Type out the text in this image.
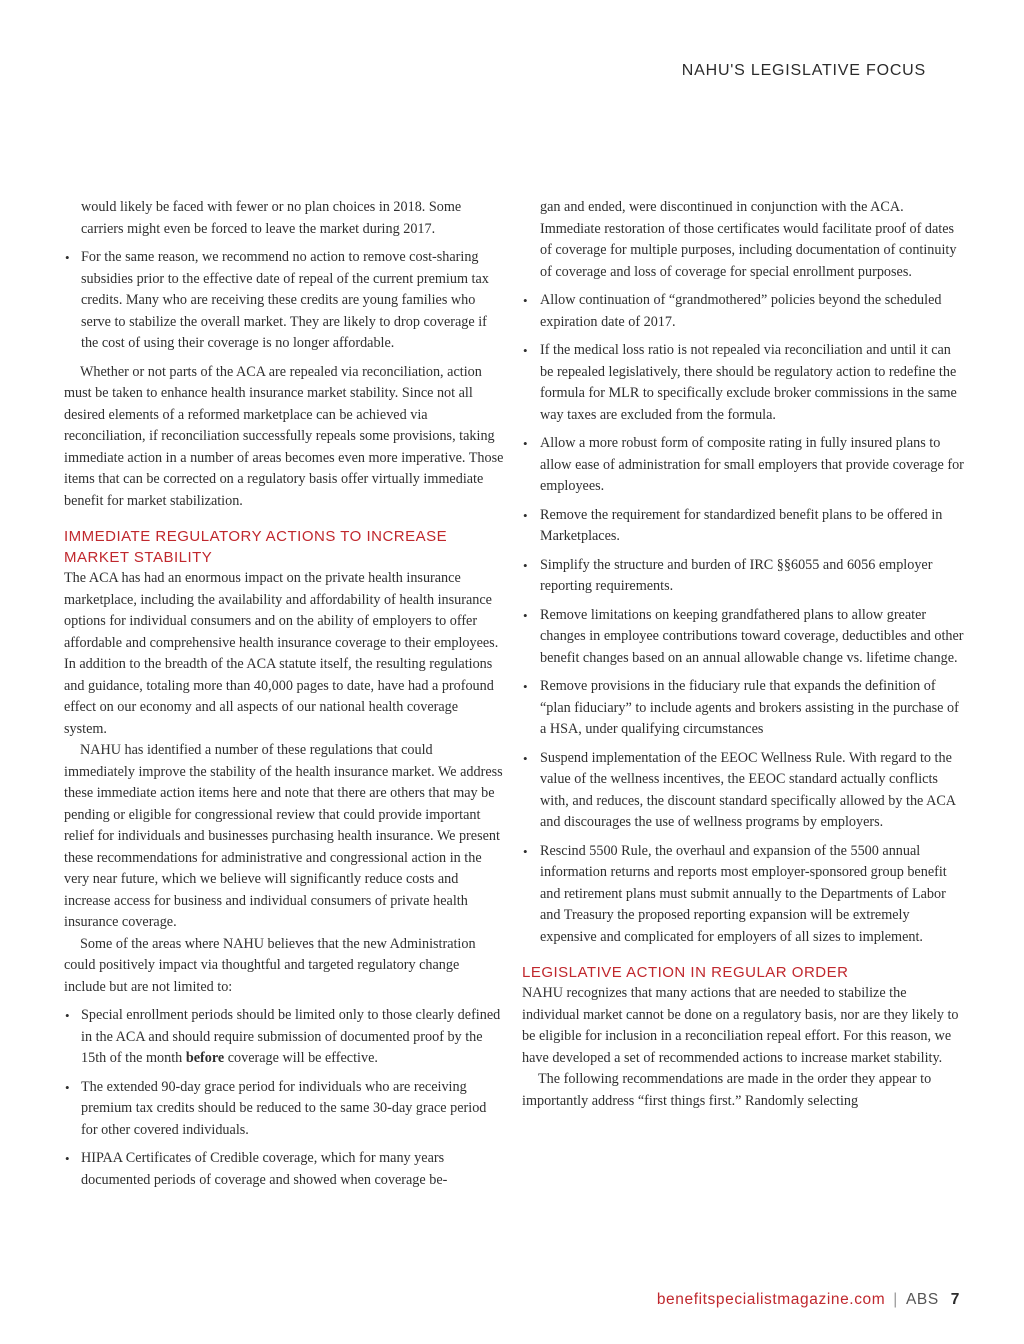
NAHU'S LEGISLATIVE FOCUS

would likely be faced with fewer or no plan choices in 2018. Some carriers might even be forced to leave the market during 2017.

• For the same reason, we recommend no action to remove cost-sharing subsidies prior to the effective date of repeal of the current premium tax credits. Many who are receiving these credits are young families who serve to stabilize the overall market. They are likely to drop coverage if the cost of using their coverage is no longer affordable.

Whether or not parts of the ACA are repealed via reconciliation, action must be taken to enhance health insurance market stability. Since not all desired elements of a reformed marketplace can be achieved via reconciliation, if reconciliation successfully repeals some provisions, taking immediate action in a number of areas becomes even more imperative. Those items that can be corrected on a regulatory basis offer virtually immediate benefit for market stabilization.

IMMEDIATE REGULATORY ACTIONS TO INCREASE MARKET STABILITY

The ACA has had an enormous impact on the private health insurance marketplace, including the availability and affordability of health insurance options for individual consumers and on the ability of employers to offer affordable and comprehensive health insurance coverage to their employees. In addition to the breadth of the ACA statute itself, the resulting regulations and guidance, totaling more than 40,000 pages to date, have had a profound effect on our economy and all aspects of our national health coverage system.

NAHU has identified a number of these regulations that could immediately improve the stability of the health insurance market. We address these immediate action items here and note that there are others that may be pending or eligible for congressional review that could provide important relief for individuals and businesses purchasing health insurance. We present these recommendations for administrative and congressional action in the very near future, which we believe will significantly reduce costs and increase access for business and individual consumers of private health insurance coverage.

Some of the areas where NAHU believes that the new Administration could positively impact via thoughtful and targeted regulatory change include but are not limited to:

• Special enrollment periods should be limited only to those clearly defined in the ACA and should require submission of documented proof by the 15th of the month before coverage will be effective.
• The extended 90-day grace period for individuals who are receiving premium tax credits should be reduced to the same 30-day grace period for other covered individuals.
• HIPAA Certificates of Credible coverage, which for many years documented periods of coverage and showed when coverage be-

gan and ended, were discontinued in conjunction with the ACA. Immediate restoration of those certificates would facilitate proof of dates of coverage for multiple purposes, including documentation of continuity of coverage and loss of coverage for special enrollment purposes.

• Allow continuation of “grandmothered” policies beyond the scheduled expiration date of 2017.
• If the medical loss ratio is not repealed via reconciliation and until it can be repealed legislatively, there should be regulatory action to redefine the formula for MLR to specifically exclude broker commissions in the same way taxes are excluded from the formula.
• Allow a more robust form of composite rating in fully insured plans to allow ease of administration for small employers that provide coverage for employees.
• Remove the requirement for standardized benefit plans to be offered in Marketplaces.
• Simplify the structure and burden of IRC §§6055 and 6056 employer reporting requirements.
• Remove limitations on keeping grandfathered plans to allow greater changes in employee contributions toward coverage, deductibles and other benefit changes based on an annual allowable change vs. lifetime change.
• Remove provisions in the fiduciary rule that expands the definition of “plan fiduciary” to include agents and brokers assisting in the purchase of a HSA, under qualifying circumstances
• Suspend implementation of the EEOC Wellness Rule. With regard to the value of the wellness incentives, the EEOC standard actually conflicts with, and reduces, the discount standard specifically allowed by the ACA and discourages the use of wellness programs by employers.
• Rescind 5500 Rule, the overhaul and expansion of the 5500 annual information returns and reports most employer-sponsored group benefit and retirement plans must submit annually to the Departments of Labor and Treasury the proposed reporting expansion will be extremely expensive and complicated for employers of all sizes to implement.
LEGISLATIVE ACTION IN REGULAR ORDER

NAHU recognizes that many actions that are needed to stabilize the individual market cannot be done on a regulatory basis, nor are they likely to be eligible for inclusion in a reconciliation repeal effort. For this reason, we have developed a set of recommended actions to increase market stability.

The following recommendations are made in the order they appear to importantly address “first things first.” Randomly selecting

benefitspecialistmagazine.com | ABS 7
